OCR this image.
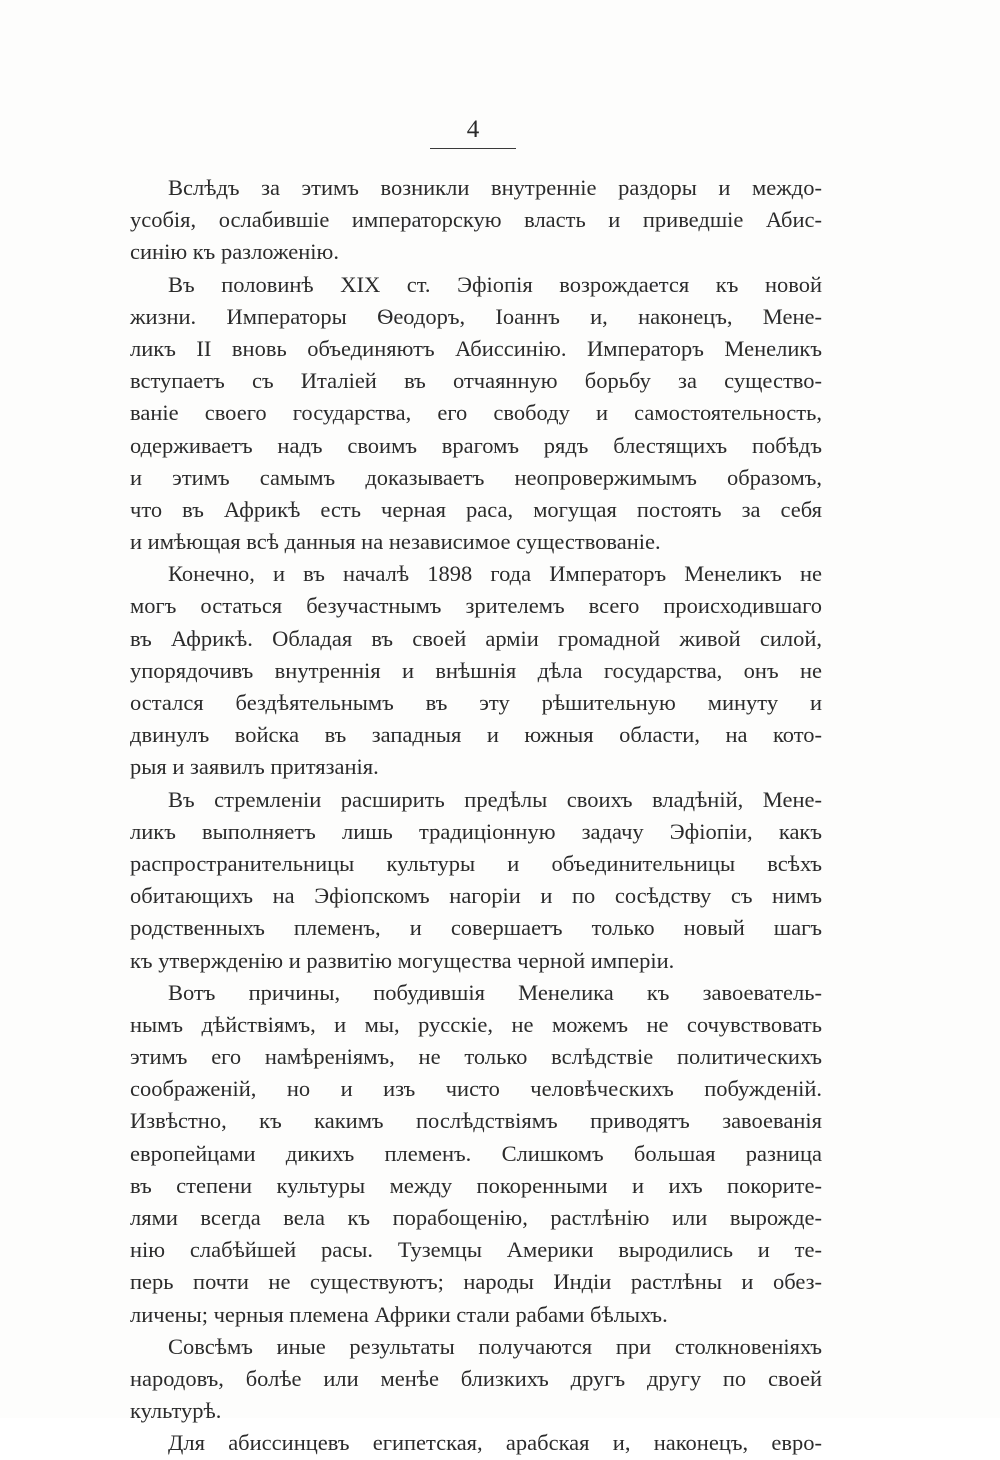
4
Вслѣдъ за этимъ возникли внутренніе раздоры и междо-
усобія, ослабившіе императорскую власть и приведшіе Абис-
синію къ разложенію.
Въ половинѣ XIX ст. Эфіопія возрождается къ новой
жизни. Императоры Ѳеодоръ, Іоаннъ и, наконецъ, Мене-
ликъ II вновь объединяютъ Абиссинію. Императоръ Менеликъ
вступаетъ съ Италіей въ отчаянную борьбу за существо-
ваніе своего государства, его свободу и самостоятельность,
одерживаетъ надъ своимъ врагомъ рядъ блестящихъ побѣдъ
и этимъ самымъ доказываетъ неопровержимымъ образомъ,
что въ Африкѣ есть черная раса, могущая постоять за себя
и имѣющая всѣ данныя на независимое существованіе.
Конечно, и въ началѣ 1898 года Императоръ Менеликъ не
могъ остаться безучастнымъ зрителемъ всего происходившаго
въ Африкѣ. Обладая въ своей арміи громадной живой силой,
упорядочивъ внутреннія и внѣшнія дѣла государства, онъ не
остался бездѣятельнымъ въ эту рѣшительную минуту и
двинулъ войска въ западныя и южныя области, на кото-
рыя и заявилъ притязанія.
Въ стремленіи расширить предѣлы своихъ владѣній, Мене-
ликъ выполняетъ лишь традиціонную задачу Эфіопіи, какъ
распространительницы культуры и объединительницы всѣхъ
обитающихъ на Эфіопскомъ нагоріи и по сосѣдству съ нимъ
родственныхъ племенъ, и совершаетъ только новый шагъ
къ утвержденію и развитію могущества черной имперіи.
Вотъ причины, побудившія Менелика къ завоеватель-
нымъ дѣйствіямъ, и мы, русскіе, не можемъ не сочувствовать
этимъ его намѣреніямъ, не только вслѣдствіе политическихъ
соображеній, но и изъ чисто человѣческихъ побужденій.
Извѣстно, къ какимъ послѣдствіямъ приводятъ завоеванія
европейцами дикихъ племенъ. Слишкомъ большая разница
въ степени культуры между покоренными и ихъ покорите-
лями всегда вела къ порабощенію, растлѣнію или вырожде-
нію слабѣйшей расы. Туземцы Америки выродились и те-
перь почти не существуютъ; народы Индіи растлѣны и обез-
личены; черныя племена Африки стали рабами бѣлыхъ.
Совсѣмъ иные результаты получаются при столкновеніяхъ
народовъ, болѣе или менѣе близкихъ другъ другу по своей
культурѣ.
Для абиссинцевъ египетская, арабская и, наконецъ, евро-
